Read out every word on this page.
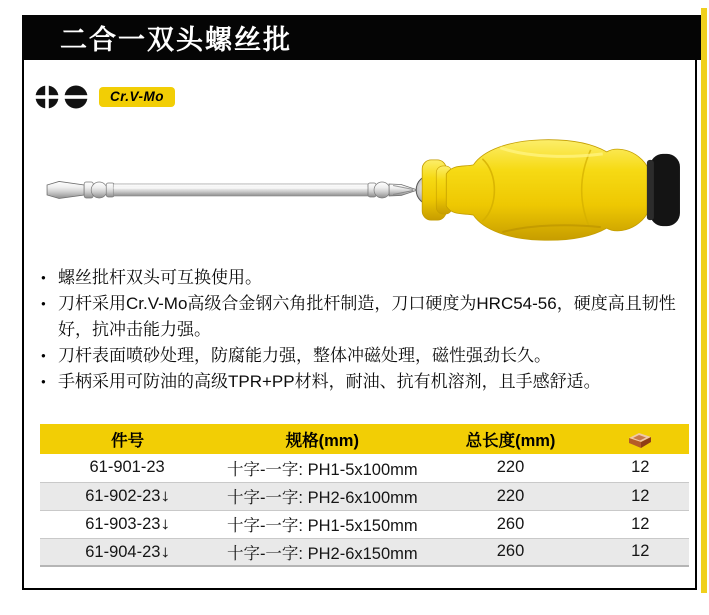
二合一双头螺丝批
Cr.V-Mo
● 螺丝批杆双头可互换使用。
● 刀杆采用Cr.V-Mo高级合金钢六角批杆制造，刀口硬度为HRC54-56，硬度高且韧性好，抗冲击能力强。
● 刀杆表面喷砂处理，防腐能力强，整体冲磁处理，磁性强劲长久。
● 手柄采用可防油的高级TPR+PP材料，耐油、抗有机溶剂，且手感舒适。
件号	规格(mm)	总长度(mm)	
61-901-23	十字-一字: PH1-5x100mm	220	12
61-902-23↓	十字-一字: PH2-6x100mm	220	12
61-903-23↓	十字-一字: PH1-5x150mm	260	12
61-904-23↓	十字-一字: PH2-6x150mm	260	12
